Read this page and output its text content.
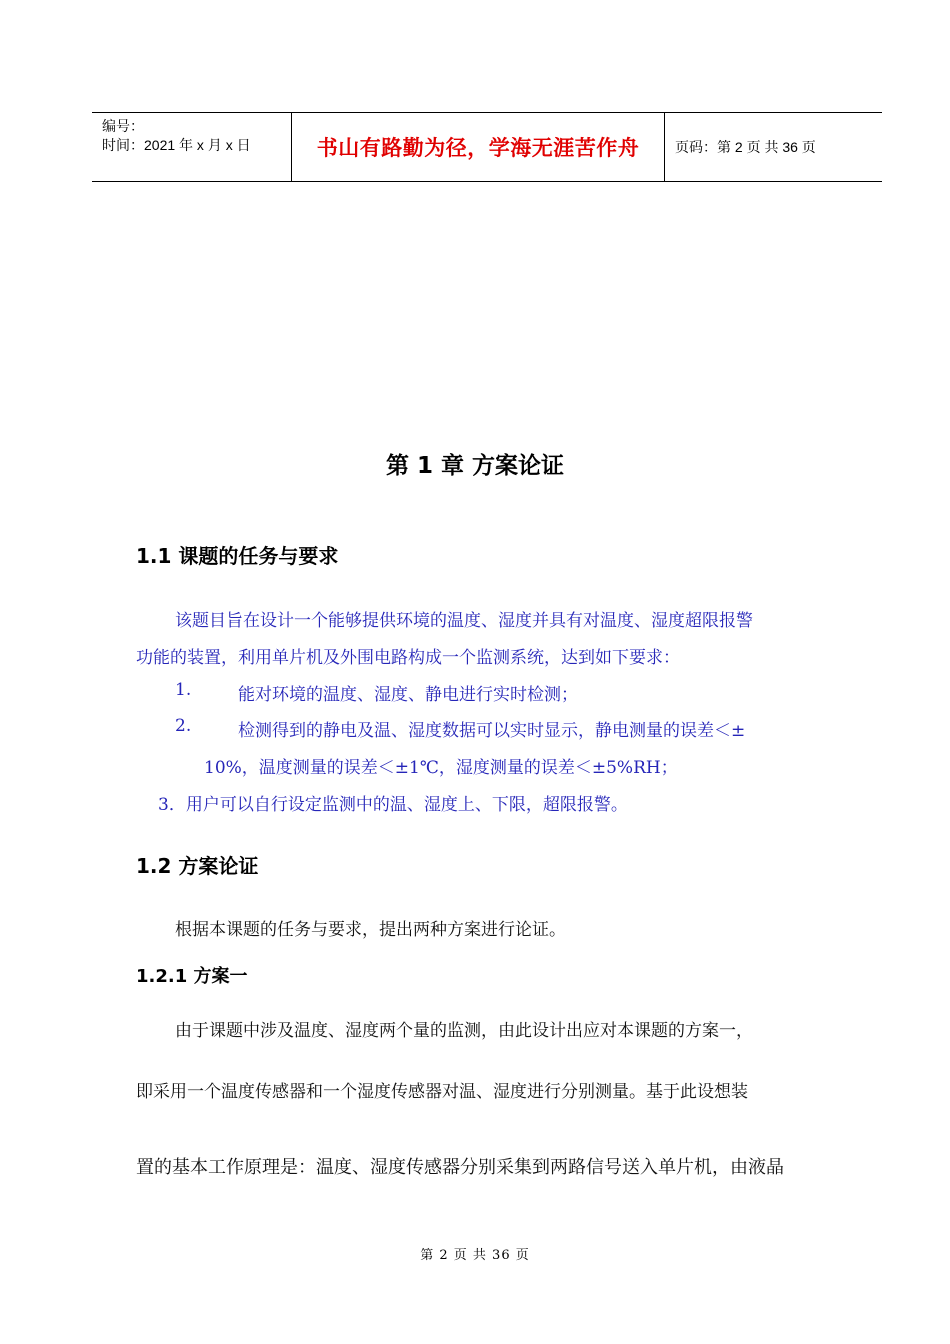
编号：
时间：2021 年 x 月 x 日	书山有路勤为径，学海无涯苦作舟	页码：第 2 页 共 36 页
第 1 章 方案论证
1.1 课题的任务与要求
该题目旨在设计一个能够提供环境的温度、湿度并具有对温度、湿度超限报警
功能的装置，利用单片机及外围电路构成一个监测系统，达到如下要求：
1.	能对环境的温度、湿度、静电进行实时检测；
2.	检测得到的静电及温、湿度数据可以实时显示，静电测量的误差＜±
10%，温度测量的误差＜±1℃，湿度测量的误差＜±5%RH；
3．用户可以自行设定监测中的温、湿度上、下限，超限报警。
1.2 方案论证
根据本课题的任务与要求，提出两种方案进行论证。
1.2.1 方案一
由于课题中涉及温度、湿度两个量的监测，由此设计出应对本课题的方案一，
即采用一个温度传感器和一个湿度传感器对温、湿度进行分别测量。基于此设想装
置的基本工作原理是：温度、湿度传感器分别采集到两路信号送入单片机，由液晶
第 2 页 共 36 页
